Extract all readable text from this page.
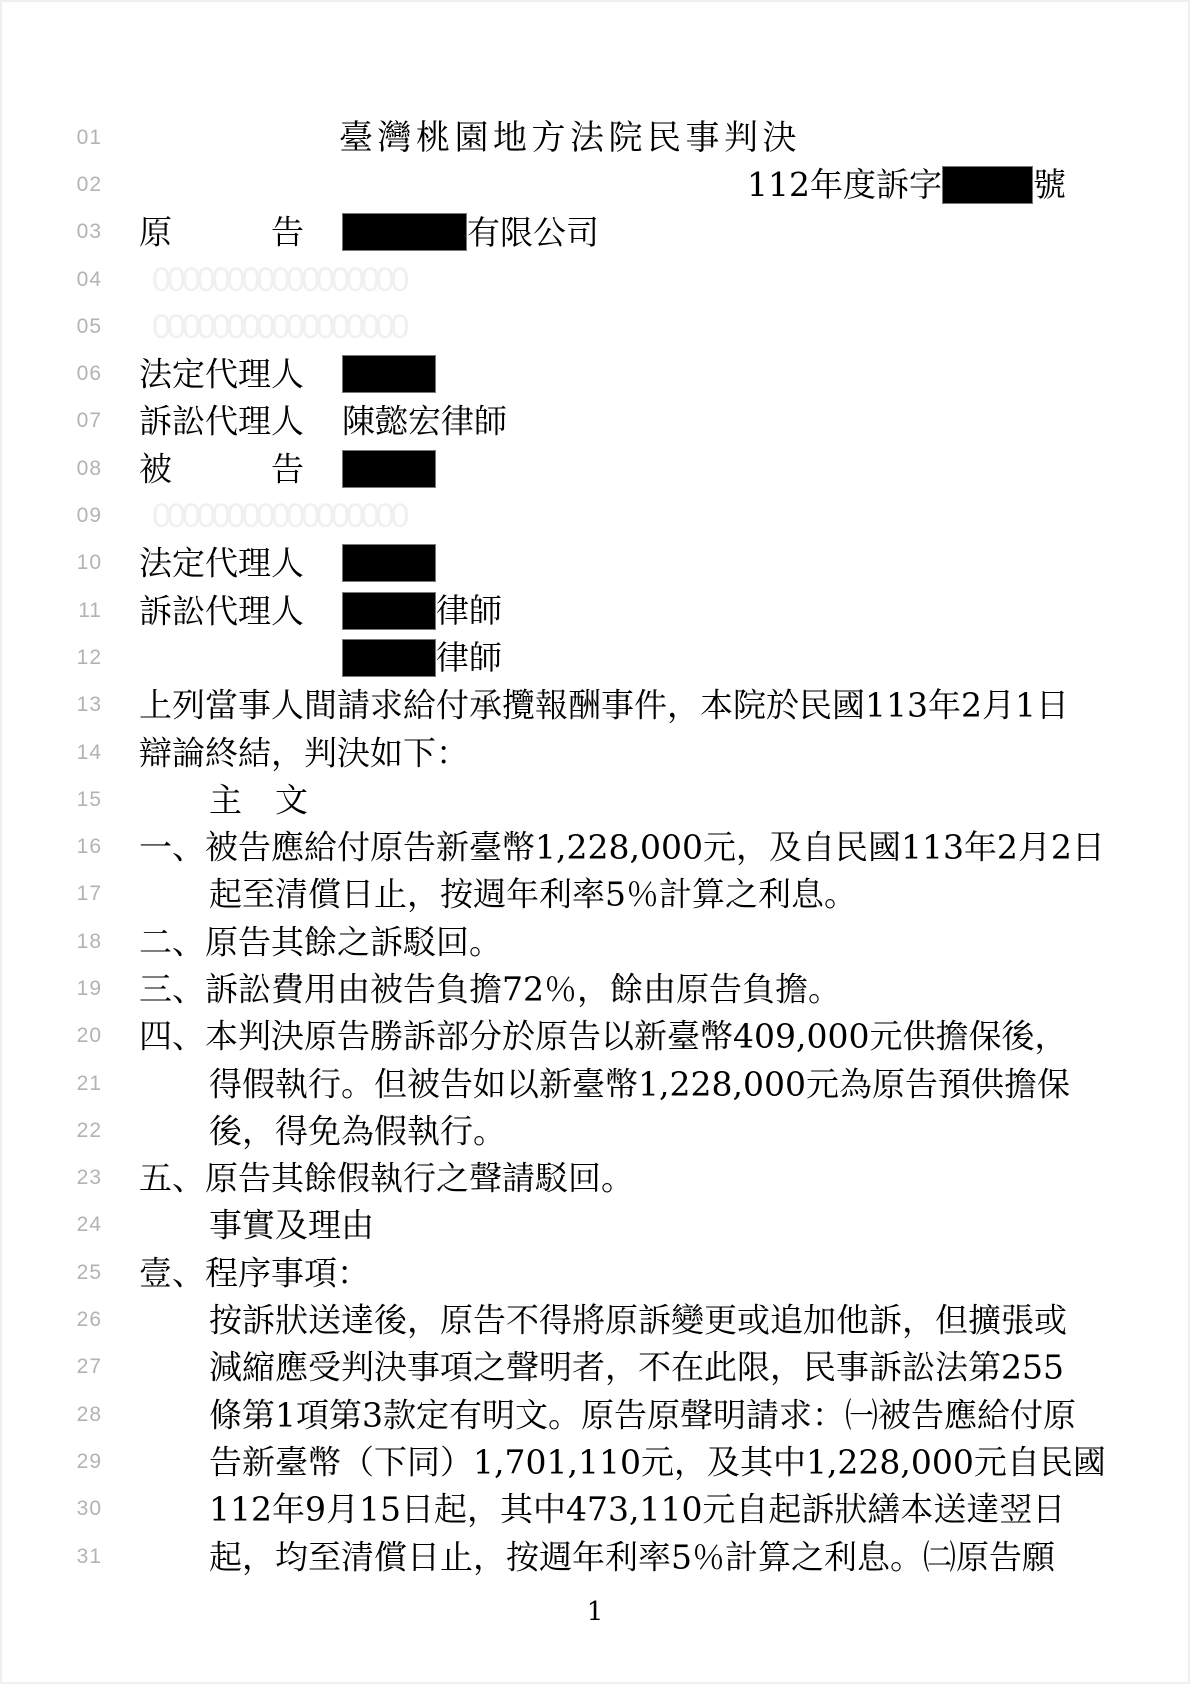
01	臺灣桃園地方法院民事判決
02	112年度訴字	號
03 原	告	有限公司
04 00000000000000000
05 00000000000000000
06 法定代理人
07 訴訟代理人 陳懿宏律師
08 被	告
09 00000000000000000
10 法定代理人
11 訴訟代理人	律師
12	律師
13 上列當事人間請求給付承攬報酬事件，本院於民國113年2月1日
14 辯論終結，判決如下：
15	主　文
16 一、被告應給付原告新臺幣1,228,000元，及自民國113年2月2日
17	起至清償日止，按週年利率5％計算之利息。
18 二、原告其餘之訴駁回。
19 三、訴訟費用由被告負擔72％，餘由原告負擔。
20 四、本判決原告勝訴部分於原告以新臺幣409,000元供擔保後，
21	得假執行。但被告如以新臺幣1,228,000元為原告預供擔保
22	後，得免為假執行。
23 五、原告其餘假執行之聲請駁回。
24	事實及理由
25 壹、程序事項：
26	按訴狀送達後，原告不得將原訴變更或追加他訴，但擴張或
27	減縮應受判決事項之聲明者，不在此限，民事訴訟法第255
28	條第1項第3款定有明文。原告原聲明請求：㈠被告應給付原
29	告新臺幣（下同）1,701,110元，及其中1,228,000元自民國
30	112年9月15日起，其中473,110元自起訴狀繕本送達翌日
31	起，均至清償日止，按週年利率5％計算之利息。㈡原告願
1
